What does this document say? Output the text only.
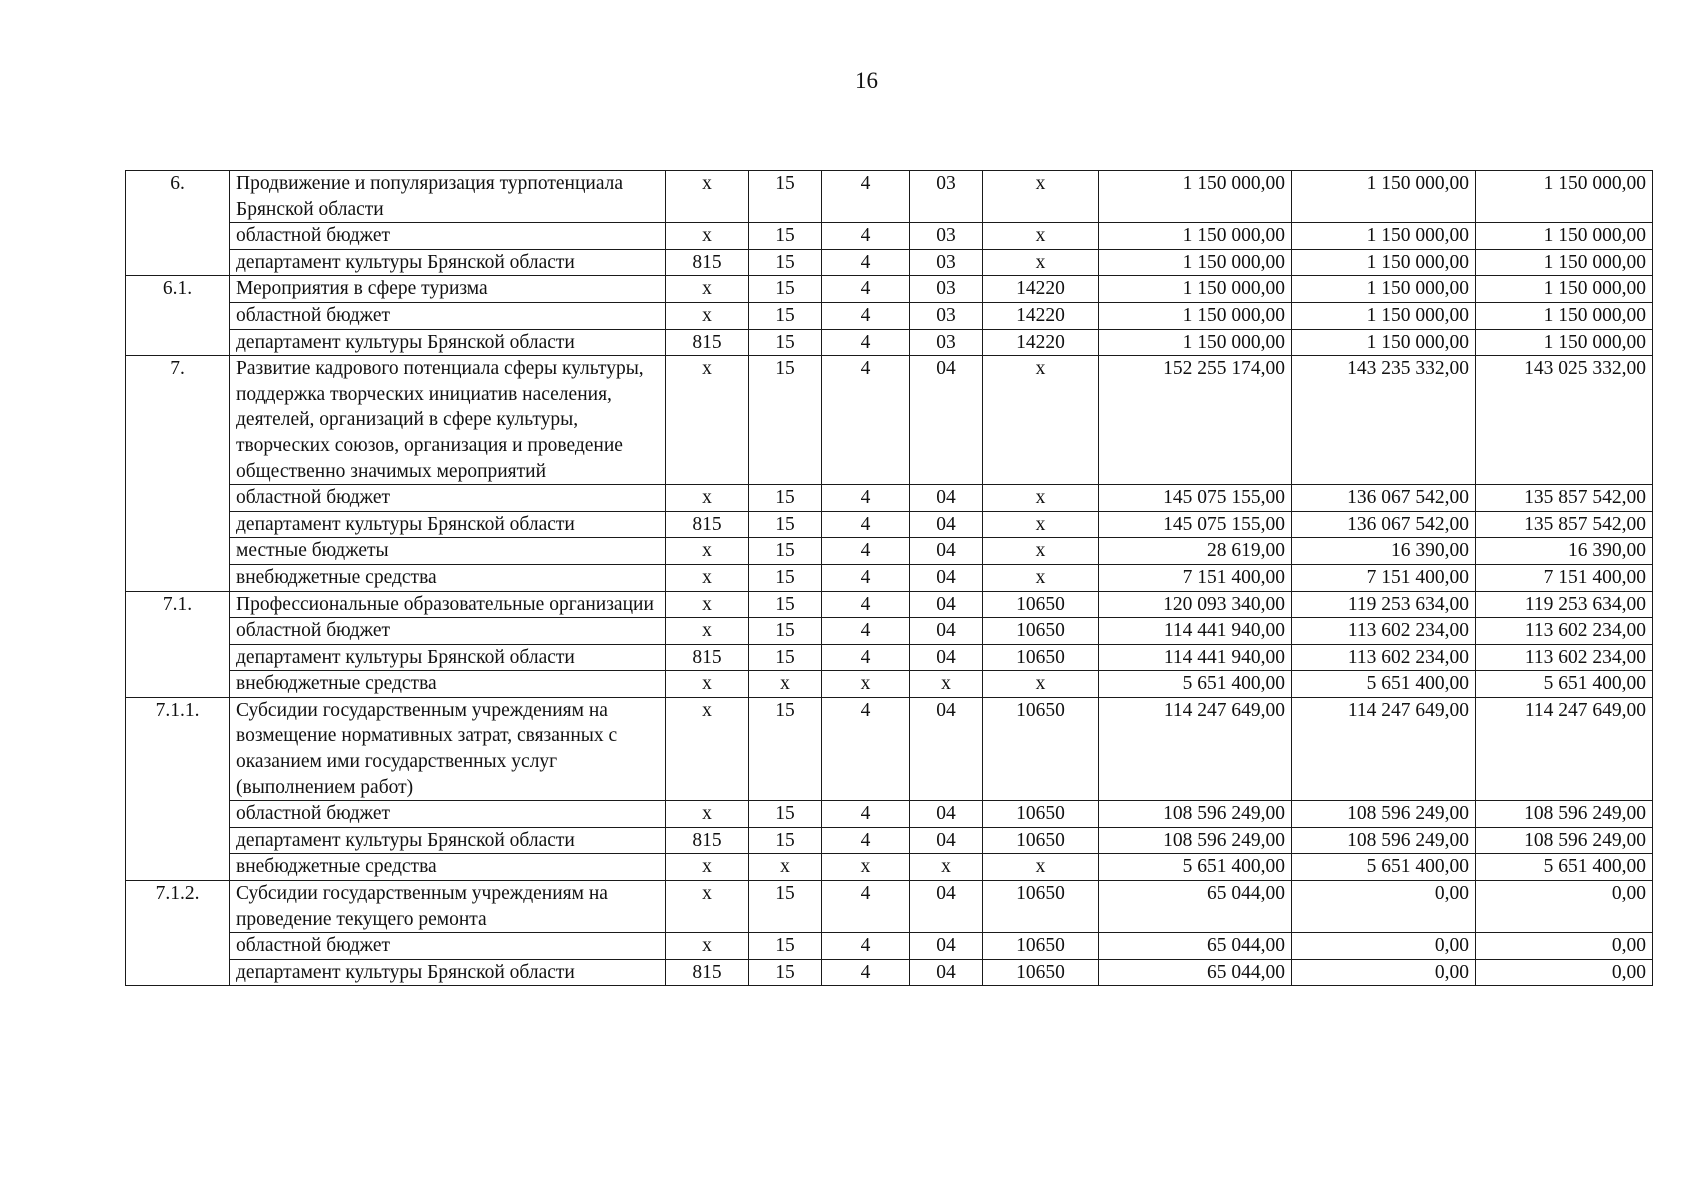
16
6.	Продвижение и популяризация турпотенциала Брянской области	х	15	4	03	х	1 150 000,00	1 150 000,00	1 150 000,00
	областной бюджет	х	15	4	03	х	1 150 000,00	1 150 000,00	1 150 000,00
	департамент культуры Брянской области	815	15	4	03	х	1 150 000,00	1 150 000,00	1 150 000,00
6.1.	Мероприятия в сфере туризма	х	15	4	03	14220	1 150 000,00	1 150 000,00	1 150 000,00
	областной бюджет	х	15	4	03	14220	1 150 000,00	1 150 000,00	1 150 000,00
	департамент культуры Брянской области	815	15	4	03	14220	1 150 000,00	1 150 000,00	1 150 000,00
7.	Развитие кадрового потенциала сферы культуры, поддержка творческих инициатив населения, деятелей, организаций в сфере культуры, творческих союзов, организация и проведение общественно значимых мероприятий	х	15	4	04	х	152 255 174,00	143 235 332,00	143 025 332,00
	областной бюджет	х	15	4	04	х	145 075 155,00	136 067 542,00	135 857 542,00
	департамент культуры Брянской области	815	15	4	04	х	145 075 155,00	136 067 542,00	135 857 542,00
	местные бюджеты	х	15	4	04	х	28 619,00	16 390,00	16 390,00
	внебюджетные средства	х	15	4	04	х	7 151 400,00	7 151 400,00	7 151 400,00
7.1.	Профессиональные образовательные организации	х	15	4	04	10650	120 093 340,00	119 253 634,00	119 253 634,00
	областной бюджет	х	15	4	04	10650	114 441 940,00	113 602 234,00	113 602 234,00
	департамент культуры Брянской области	815	15	4	04	10650	114 441 940,00	113 602 234,00	113 602 234,00
	внебюджетные средства	х	х	х	х	х	5 651 400,00	5 651 400,00	5 651 400,00
7.1.1.	Субсидии государственным учреждениям на возмещение нормативных затрат, связанных с оказанием ими государственных услуг (выполнением работ)	х	15	4	04	10650	114 247 649,00	114 247 649,00	114 247 649,00
	областной бюджет	х	15	4	04	10650	108 596 249,00	108 596 249,00	108 596 249,00
	департамент культуры Брянской области	815	15	4	04	10650	108 596 249,00	108 596 249,00	108 596 249,00
	внебюджетные средства	х	х	х	х	х	5 651 400,00	5 651 400,00	5 651 400,00
7.1.2.	Субсидии государственным учреждениям на проведение текущего ремонта	х	15	4	04	10650	65 044,00	0,00	0,00
	областной бюджет	х	15	4	04	10650	65 044,00	0,00	0,00
	департамент культуры Брянской области	815	15	4	04	10650	65 044,00	0,00	0,00
